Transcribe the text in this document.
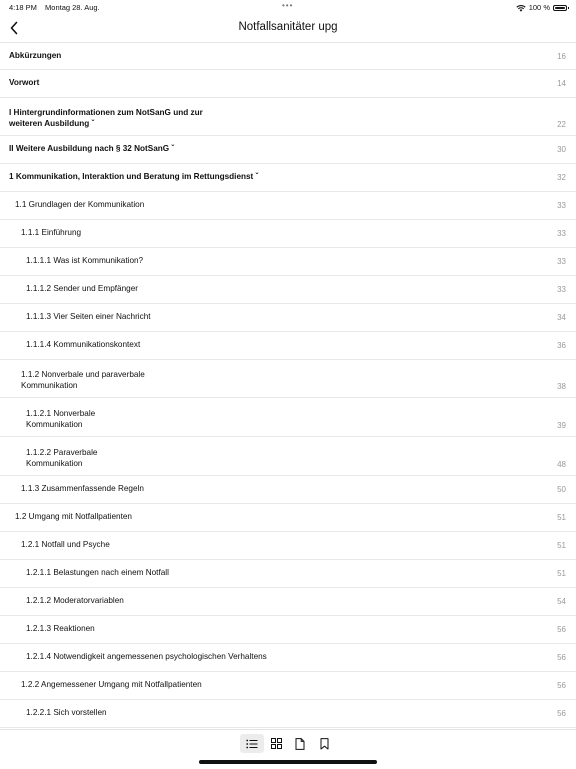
4:18 PM Montag 28. Aug.	•••	100 %
Notfallsanitäter upg
Abkürzungen	16
Vorwort	14
I Hintergrundinformationen zum NotSanG und zur
weiteren Ausbildung ˇ	22
II Weitere Ausbildung nach § 32 NotSanG ˇ	30
1 Kommunikation, Interaktion und Beratung im Rettungsdienst ˇ	32
1.1 Grundlagen der Kommunikation	33
1.1.1 Einführung	33
1.1.1.1 Was ist Kommunikation?	33
1.1.1.2 Sender und Empfänger	33
1.1.1.3 Vier Seiten einer Nachricht	34
1.1.1.4 Kommunikationskontext	36
1.1.2 Nonverbale und paraverbale
Kommunikation	38
1.1.2.1 Nonverbale
Kommunikation	39
1.1.2.2 Paraverbale
Kommunikation	48
1.1.3 Zusammenfassende Regeln	50
1.2 Umgang mit Notfallpatienten	51
1.2.1 Notfall und Psyche	51
1.2.1.1 Belastungen nach einem Notfall	51
1.2.1.2 Moderatorvariablen	54
1.2.1.3 Reaktionen	56
1.2.1.4 Notwendigkeit angemessenen psychologischen Verhaltens	56
1.2.2 Angemessener Umgang mit Notfallpatienten	56
1.2.2.1 Sich vorstellen	56
